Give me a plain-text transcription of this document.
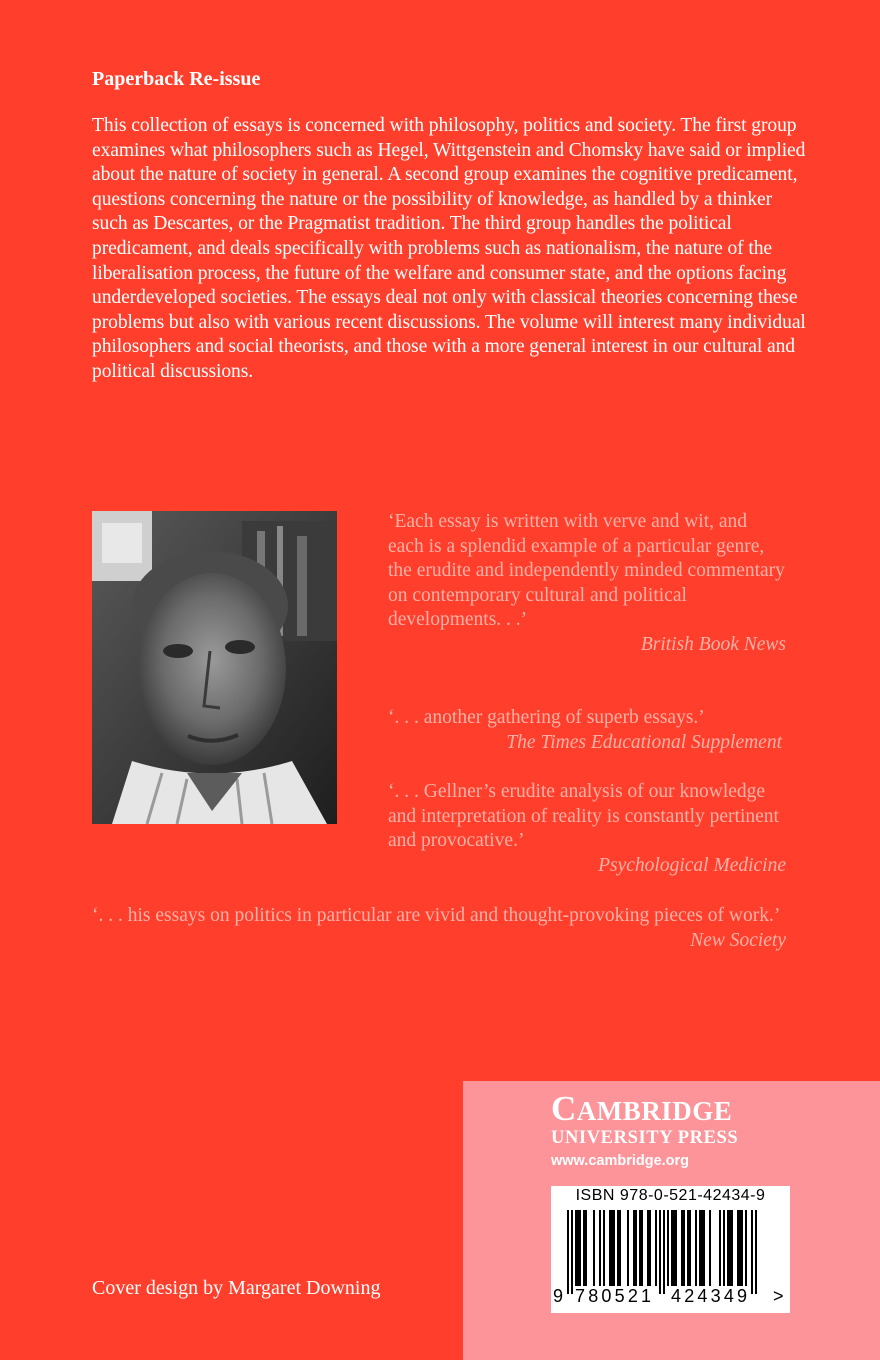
Paperback Re-issue
This collection of essays is concerned with philosophy, politics and society. The first group examines what philosophers such as Hegel, Wittgenstein and Chomsky have said or implied about the nature of society in general. A second group examines the cognitive predicament, questions concerning the nature or the possibility of knowledge, as handled by a thinker such as Descartes, or the Pragmatist tradition. The third group handles the political predicament, and deals specifically with problems such as nationalism, the nature of the liberalisation process, the future of the welfare and consumer state, and the options facing underdeveloped societies. The essays deal not only with classical theories concerning these problems but also with various recent discussions. The volume will interest many individual philosophers and social theorists, and those with a more general interest in our cultural and political discussions.
‘Each essay is written with verve and wit, and each is a splendid example of a particular genre, the erudite and independently minded commentary on contemporary cultural and political developments. . .’
British Book News
‘. . . another gathering of superb essays.’
The Times Educational Supplement
‘. . . Gellner’s erudite analysis of our knowledge and interpretation of reality is constantly pertinent and provocative.’
Psychological Medicine
‘. . . his essays on politics in particular are vivid and thought-provoking pieces of work.’
New Society
Cover design by Margaret Downing
CAMBRIDGE
UNIVERSITY PRESS
www.cambridge.org
ISBN 978-0-521-42434-9
9 780521 424349 >
